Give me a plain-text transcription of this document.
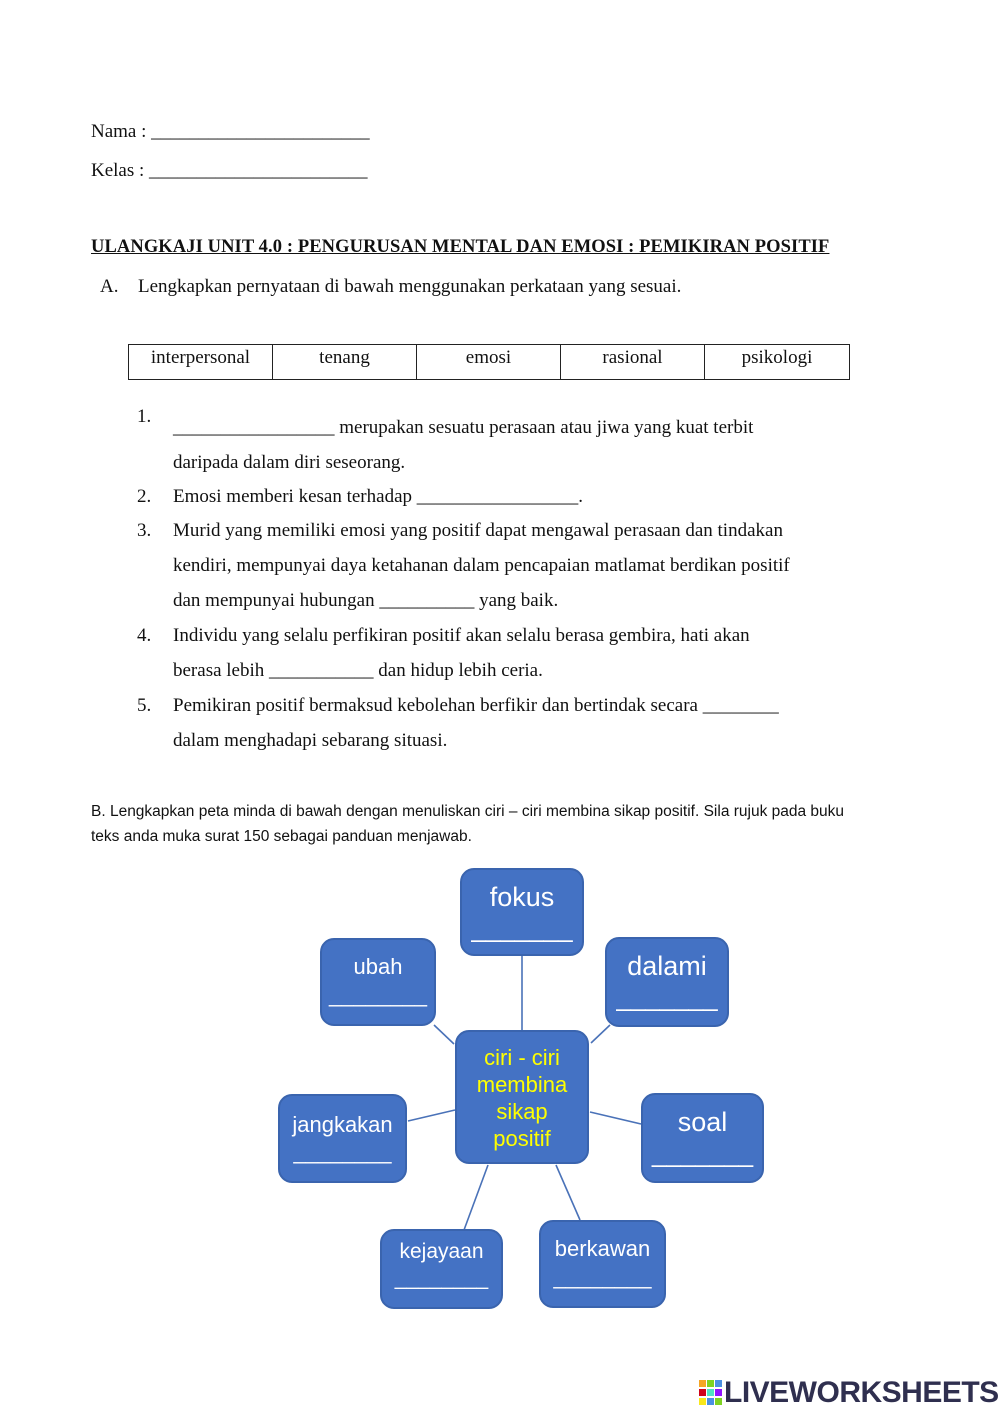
Nama : _______________________
Kelas : _______________________
ULANGKAJI UNIT 4.0 : PENGURUSAN MENTAL DAN EMOSI : PEMIKIRAN POSITIF
A. Lengkapkan pernyataan di bawah menggunakan perkataan yang sesuai.
interpersonal	tenang	emosi	rasional	psikologi
1.
_________________ merupakan sesuatu perasaan atau jiwa yang kuat terbit
daripada dalam diri seseorang.
2. Emosi memberi kesan terhadap _________________.
3. Murid yang memiliki emosi yang positif dapat mengawal perasaan dan tindakan
kendiri, mempunyai daya ketahanan dalam pencapaian matlamat berdikan positif
dan mempunyai hubungan __________ yang baik.
4. Individu yang selalu perfikiran positif akan selalu berasa gembira, hati akan
berasa lebih ___________ dan hidup lebih ceria.
5. Pemikiran positif bermaksud kebolehan berfikir dan bertindak secara ________
dalam menghadapi sebarang situasi.
B. Lengkapkan peta minda di bawah dengan menuliskan ciri – ciri membina sikap positif. Sila rujuk pada buku
teks anda muka surat 150 sebagai panduan menjawab.
ciri - ciri
membina
sikap
positif
fokus
_______
dalami
_______
soal
_______
berkawan
________
kejayaan
________
jangkakan
________
ubah
________
LIVEWORKSHEETS
